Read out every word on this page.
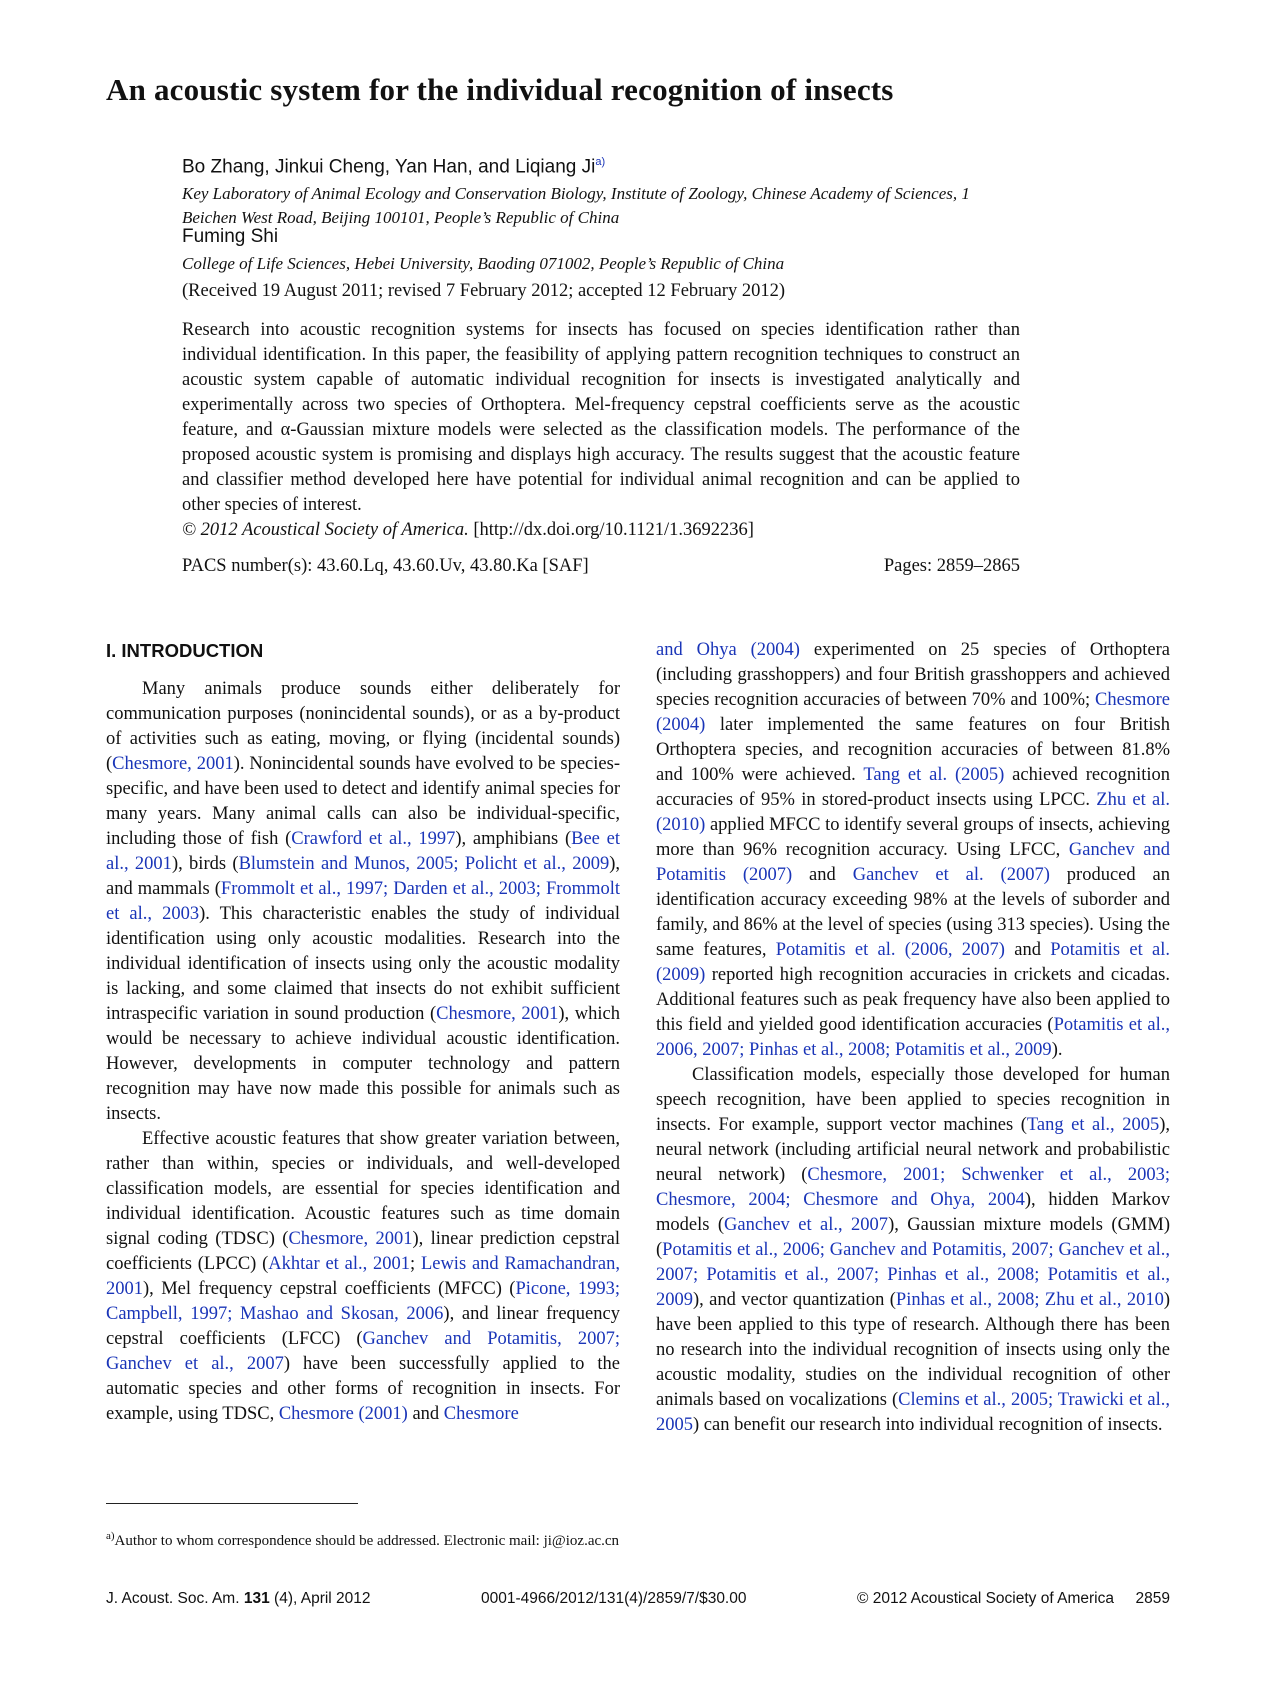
An acoustic system for the individual recognition of insects
Bo Zhang, Jinkui Cheng, Yan Han, and Liqiang Ji$^{a)}$
Key Laboratory of Animal Ecology and Conservation Biology, Institute of Zoology, Chinese Academy of Sciences, 1 Beichen West Road, Beijing 100101, People’s Republic of China
Fuming Shi
College of Life Sciences, Hebei University, Baoding 071002, People’s Republic of China
(Received 19 August 2011; revised 7 February 2012; accepted 12 February 2012)
Research into acoustic recognition systems for insects has focused on species identification rather than individual identification. In this paper, the feasibility of applying pattern recognition techniques to construct an acoustic system capable of automatic individual recognition for insects is investigated analytically and experimentally across two species of Orthoptera. Mel-frequency cepstral coefficients serve as the acoustic feature, and α-Gaussian mixture models were selected as the classification models. The performance of the proposed acoustic system is promising and displays high accuracy. The results suggest that the acoustic feature and classifier method developed here have potential for individual animal recognition and can be applied to other species of interest.
© 2012 Acoustical Society of America. [http://dx.doi.org/10.1121/1.3692236]
PACS number(s): 43.60.Lq, 43.60.Uv, 43.80.Ka [SAF]	Pages: 2859–2865

I. INTRODUCTION

Many animals produce sounds either deliberately for communication purposes (nonincidental sounds), or as a by-product of activities such as eating, moving, or flying (incidental sounds) (Chesmore, 2001). Nonincidental sounds have evolved to be species-specific, and have been used to detect and identify animal species for many years. Many animal calls can also be individual-specific, including those of fish (Crawford et al., 1997), amphibians (Bee et al., 2001), birds (Blumstein and Munos, 2005; Policht et al., 2009), and mammals (Frommolt et al., 1997; Darden et al., 2003; Frommolt et al., 2003). This characteristic enables the study of individual identification using only acoustic modalities. Research into the individual identification of insects using only the acoustic modality is lacking, and some claimed that insects do not exhibit sufficient intraspecific variation in sound production (Chesmore, 2001), which would be necessary to achieve individual acoustic identification. However, developments in computer technology and pattern recognition may have now made this possible for animals such as insects.

Effective acoustic features that show greater variation between, rather than within, species or individuals, and well-developed classification models, are essential for species identification and individual identification. Acoustic features such as time domain signal coding (TDSC) (Chesmore, 2001), linear prediction cepstral coefficients (LPCC) (Akhtar et al., 2001; Lewis and Ramachandran, 2001), Mel frequency cepstral coefficients (MFCC) (Picone, 1993; Campbell, 1997; Mashao and Skosan, 2006), and linear frequency cepstral coefficients (LFCC) (Ganchev and Potamitis, 2007; Ganchev et al., 2007) have been successfully applied to the automatic species and other forms of recognition in insects. For example, using TDSC, Chesmore (2001) and Chesmore

and Ohya (2004) experimented on 25 species of Orthoptera (including grasshoppers) and four British grasshoppers and achieved species recognition accuracies of between 70% and 100%; Chesmore (2004) later implemented the same features on four British Orthoptera species, and recognition accuracies of between 81.8% and 100% were achieved. Tang et al. (2005) achieved recognition accuracies of 95% in stored-product insects using LPCC. Zhu et al. (2010) applied MFCC to identify several groups of insects, achieving more than 96% recognition accuracy. Using LFCC, Ganchev and Potamitis (2007) and Ganchev et al. (2007) produced an identification accuracy exceeding 98% at the levels of suborder and family, and 86% at the level of species (using 313 species). Using the same features, Potamitis et al. (2006, 2007) and Potamitis et al. (2009) reported high recognition accuracies in crickets and cicadas. Additional features such as peak frequency have also been applied to this field and yielded good identification accuracies (Potamitis et al., 2006, 2007; Pinhas et al., 2008; Potamitis et al., 2009).

Classification models, especially those developed for human speech recognition, have been applied to species recognition in insects. For example, support vector machines (Tang et al., 2005), neural network (including artificial neural network and probabilistic neural network) (Chesmore, 2001; Schwenker et al., 2003; Chesmore, 2004; Chesmore and Ohya, 2004), hidden Markov models (Ganchev et al., 2007), Gaussian mixture models (GMM) (Potamitis et al., 2006; Ganchev and Potamitis, 2007; Ganchev et al., 2007; Potamitis et al., 2007; Pinhas et al., 2008; Potamitis et al., 2009), and vector quantization (Pinhas et al., 2008; Zhu et al., 2010) have been applied to this type of research. Although there has been no research into the individual recognition of insects using only the acoustic modality, studies on the individual recognition of other animals based on vocalizations (Clemins et al., 2005; Trawicki et al., 2005) can benefit our research into individual recognition of insects.

$^{a)}$Author to whom correspondence should be addressed. Electronic mail: ji@ioz.ac.cn
J. Acoust. Soc. Am. 131 (4), April 2012	0001-4966/2012/131(4)/2859/7/$30.00	© 2012 Acoustical Society of America 2859
